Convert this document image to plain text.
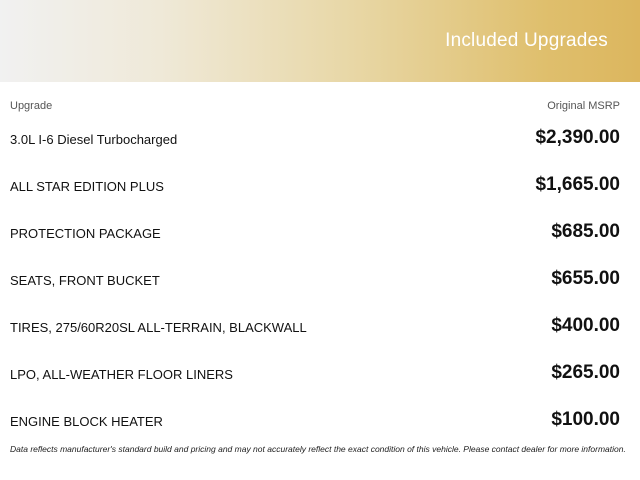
Included Upgrades
Upgrade	Original MSRP
3.0L I-6 Diesel Turbocharged	$2,390.00
ALL STAR EDITION PLUS	$1,665.00
PROTECTION PACKAGE	$685.00
SEATS, FRONT BUCKET	$655.00
TIRES, 275/60R20SL ALL-TERRAIN, BLACKWALL	$400.00
LPO, ALL-WEATHER FLOOR LINERS	$265.00
ENGINE BLOCK HEATER	$100.00
Data reflects manufacturer's standard build and pricing and may not accurately reflect the exact condition of this vehicle. Please contact dealer for more information.
